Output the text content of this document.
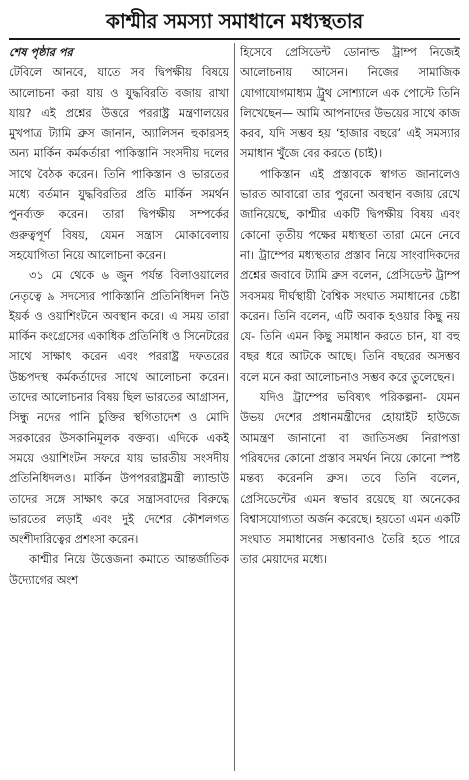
কাশ্মীর সমস্যা সমাধানে মধ্যস্থতার
শেষ পৃষ্ঠার পর

টেবিলে আনবে, যাতে সব দ্বিপক্ষীয় বিষয়ে আলোচনা করা যায় ও যুদ্ধবিরতি বজায় রাখা যায়? এই প্রশ্নের উত্তরে পররাষ্ট্র মন্ত্রণালয়ের মুখপাত্র ট্যামি ব্রুস জানান, অ্যালিসন হুকারসহ অন্য মার্কিন কর্মকর্তারা পাকিস্তানি সংসদীয় দলের সাথে বৈঠক করেন। তিনি পাকিস্তান ও ভারতের মধ্যে বর্তমান যুদ্ধবিরতির প্রতি মার্কিন সমর্থন পুনর্ব্যক্ত করেন। তারা দ্বিপক্ষীয় সম্পর্কের গুরুত্বপূর্ণ বিষয়, যেমন সন্ত্রাস মোকাবেলায় সহযোগিতা নিয়ে আলোচনা করেন।

৩১ মে থেকে ৬ জুন পর্যন্ত বিলাওয়ালের নেতৃত্বে ৯ সদস্যের পাকিস্তানি প্রতিনিধিদল নিউ ইয়র্ক ও ওয়াশিংটনে অবস্থান করে। এ সময় তারা মার্কিন কংগ্রেসের একাধিক প্রতিনিধি ও সিনেটরের সাথে সাক্ষাৎ করেন এবং পররাষ্ট্র দফতরের উচ্চপদস্থ কর্মকর্তাদের সাথে আলোচনা করেন। তাদের আলোচনার বিষয় ছিল ভারতের আগ্রাসন, সিন্ধু নদের পানি চুক্তির স্থগিতাদেশ ও মোদি সরকারের উসকানিমূলক বক্তব্য। এদিকে একই সময়ে ওয়াশিংটন সফরে যায় ভারতীয় সংসদীয় প্রতিনিধিদলও। মার্কিন উপপররাষ্ট্রমন্ত্রী ল্যান্ডাউ তাদের সঙ্গে সাক্ষাৎ করে সন্ত্রাসবাদের বিরুদ্ধে ভারতের লড়াই এবং দুই দেশের কৌশলগত অংশীদারিত্বের প্রশংসা করেন।

কাশ্মীর নিয়ে উত্তেজনা কমাতে আন্তর্জাতিক উদ্যোগের অংশ

হিসেবে প্রেসিডেন্ট ডোনাল্ড ট্রাম্প নিজেই আলোচনায় আসেন। নিজের সামাজিক যোগাযোগমাধ্যম ট্রুথ সোশ্যালে এক পোস্টে তিনি লিখেছেন— আমি আপনাদের উভয়ের সাথে কাজ করব, যদি সম্ভব হয় ‘হাজার বছরে’ এই সমস্যার সমাধান খুঁজে বের করতে (চাই)।

পাকিস্তান এই প্রস্তাবকে স্বাগত জানালেও ভারত আবারো তার পুরনো অবস্থান বজায় রেখে জানিয়েছে, কাশ্মীর একটি দ্বিপক্ষীয় বিষয় এবং কোনো তৃতীয় পক্ষের মধ্যস্থতা তারা মেনে নেবে না। ট্রাম্পের মধ্যস্থতার প্রস্তাব নিয়ে সাংবাদিকদের প্রশ্নের জবাবে ট্যামি ব্রুস বলেন, প্রেসিডেন্ট ট্রাম্প সবসময় দীর্ঘস্থায়ী বৈশ্বিক সংঘাত সমাধানের চেষ্টা করেন। তিনি বলেন, এটি অবাক হওয়ার কিছু নয় যে- তিনি এমন কিছু সমাধান করতে চান, যা বহু বছর ধরে আটকে আছে। তিনি বছরের অসম্ভব বলে মনে করা আলোচনাও সম্ভব করে তুলেছেন।

যদিও ট্রাম্পের ভবিষ্যৎ পরিকল্পনা- যেমন উভয় দেশের প্রধানমন্ত্রীদের হোয়াইট হাউজে আমন্ত্রণ জানানো বা জাতিসঙ্ঘ নিরাপত্তা পরিষদের কোনো প্রস্তাব সমর্থন নিয়ে কোনো স্পষ্ট মন্তব্য করেননি ব্রুস। তবে তিনি বলেন, প্রেসিডেন্টের এমন স্বভাব রয়েছে যা অনেকের বিশ্বাসযোগ্যতা অর্জন করেছে। হয়তো এমন একটি সংঘাত সমাধানের সম্ভাবনাও তৈরি হতে পারে তার মেয়াদের মধ্যে।
